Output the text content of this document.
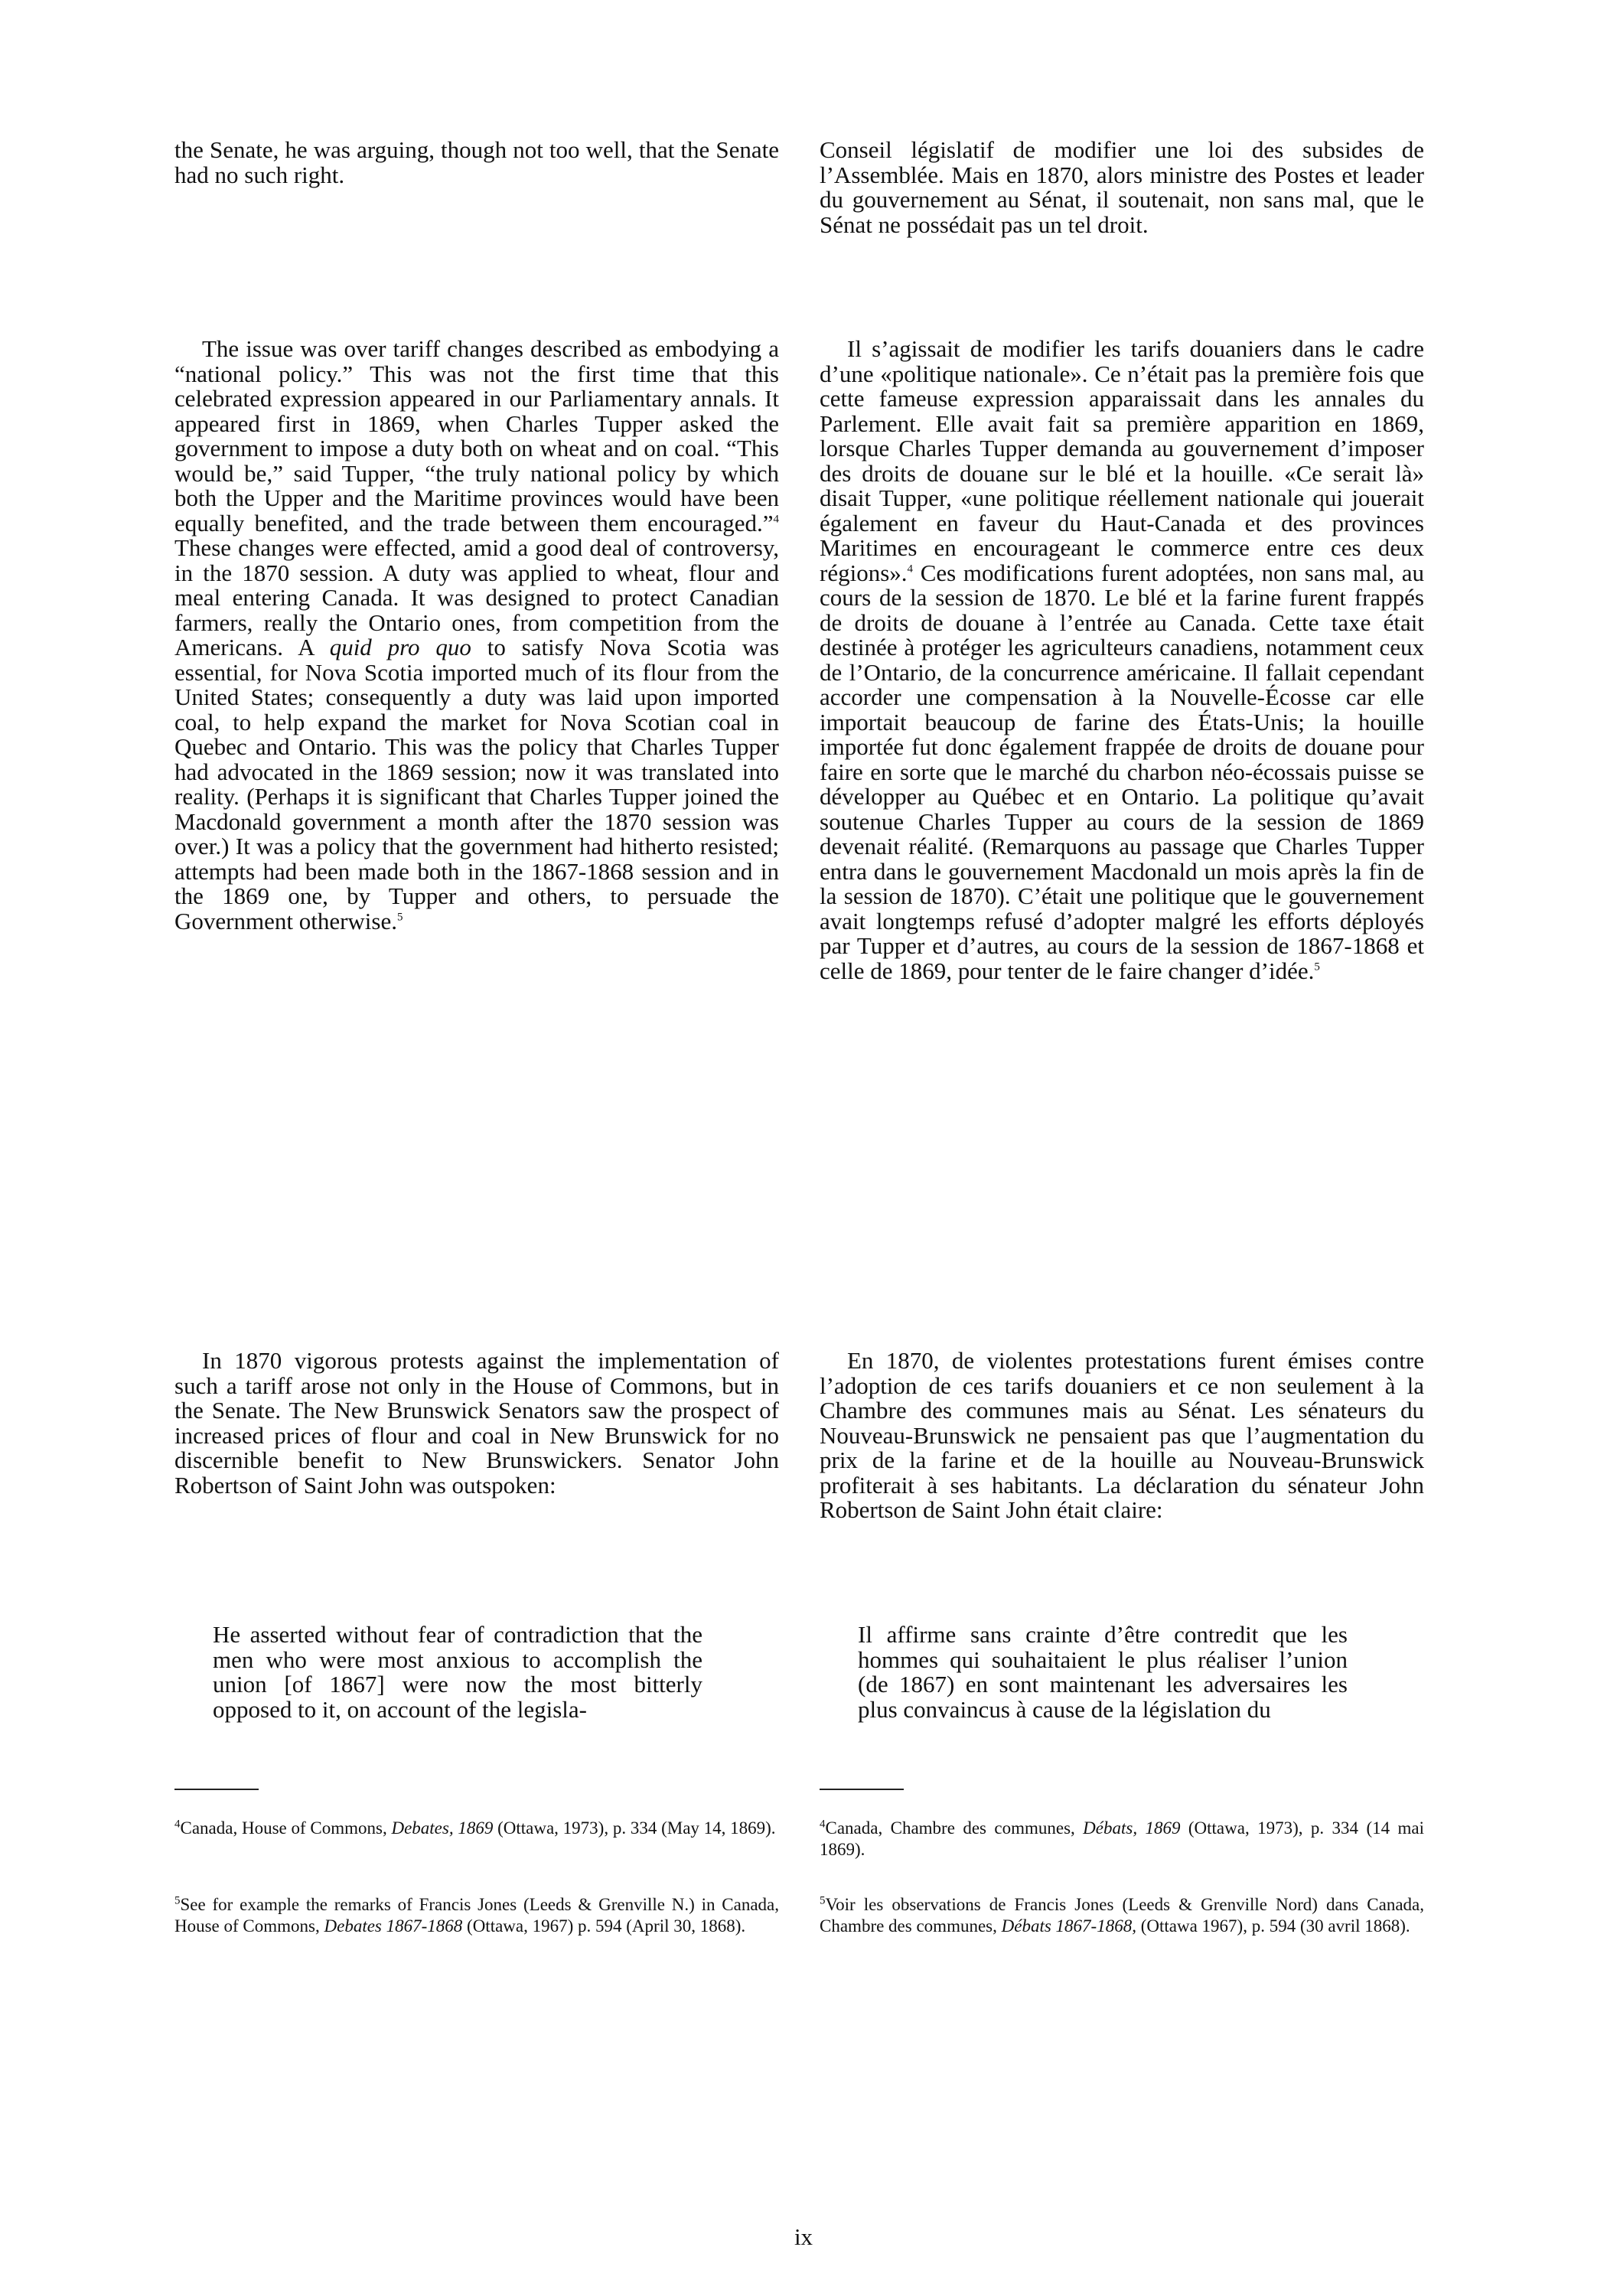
the Senate, he was arguing, though not too well, that the Senate had no such right.

The issue was over tariff changes described as embodying a “national policy.” This was not the first time that this celebrated expression appeared in our Parliamentary annals. It appeared first in 1869, when Charles Tupper asked the government to impose a duty both on wheat and on coal. “This would be,” said Tupper, “the truly national policy by which both the Upper and the Maritime provinces would have been equally benefited, and the trade between them encouraged.”$^4$ These changes were effected, amid a good deal of controversy, in the 1870 session. A duty was applied to wheat, flour and meal entering Canada. It was designed to protect Canadian farmers, really the Ontario ones, from competition from the Americans. A quid pro quo to satisfy Nova Scotia was essential, for Nova Scotia imported much of its flour from the United States; consequently a duty was laid upon imported coal, to help expand the market for Nova Scotian coal in Quebec and Ontario. This was the policy that Charles Tupper had advocated in the 1869 session; now it was translated into reality. (Perhaps it is significant that Charles Tupper joined the Macdonald government a month after the 1870 session was over.) It was a policy that the government had hitherto resisted; attempts had been made both in the 1867-1868 session and in the 1869 one, by Tupper and others, to persuade the Government otherwise.$^5$

In 1870 vigorous protests against the implementation of such a tariff arose not only in the House of Commons, but in the Senate. The New Brunswick Senators saw the prospect of increased prices of flour and coal in New Brunswick for no discernible benefit to New Brunswickers. Senator John Robertson of Saint John was outspoken:

He asserted without fear of contradiction that the men who were most anxious to accomplish the union [of 1867] were now the most bitterly opposed to it, on account of the legisla-

$^4$Canada, House of Commons, Debates, 1869 (Ottawa, 1973), p. 334 (May 14, 1869).
$^5$See for example the remarks of Francis Jones (Leeds & Grenville N.) in Canada, House of Commons, Debates 1867-1868 (Ottawa, 1967) p. 594 (April 30, 1868).

Conseil législatif de modifier une loi des subsides de l’Assemblée. Mais en 1870, alors ministre des Postes et leader du gouvernement au Sénat, il soutenait, non sans mal, que le Sénat ne possédait pas un tel droit.

Il s’agissait de modifier les tarifs douaniers dans le cadre d’une «politique nationale». Ce n’était pas la première fois que cette fameuse expression apparaissait dans les annales du Parlement. Elle avait fait sa première apparition en 1869, lorsque Charles Tupper demanda au gouvernement d’imposer des droits de douane sur le blé et la houille. «Ce serait là» disait Tupper, «une politique réellement nationale qui jouerait également en faveur du Haut-Canada et des provinces Maritimes en encourageant le commerce entre ces deux régions».$^4$ Ces modifications furent adoptées, non sans mal, au cours de la session de 1870. Le blé et la farine furent frappés de droits de douane à l’entrée au Canada. Cette taxe était destinée à protéger les agriculteurs canadiens, notamment ceux de l’Ontario, de la concurrence américaine. Il fallait cependant accorder une compensation à la Nouvelle-Écosse car elle importait beaucoup de farine des États-Unis; la houille importée fut donc également frappée de droits de douane pour faire en sorte que le marché du charbon néo-écossais puisse se développer au Québec et en Ontario. La politique qu’avait soutenue Charles Tupper au cours de la session de 1869 devenait réalité. (Remarquons au passage que Charles Tupper entra dans le gouvernement Macdonald un mois après la fin de la session de 1870). C’était une politique que le gouvernement avait longtemps refusé d’adopter malgré les efforts déployés par Tupper et d’autres, au cours de la session de 1867-1868 et celle de 1869, pour tenter de le faire changer d’idée.$^5$

En 1870, de violentes protestations furent émises contre l’adoption de ces tarifs douaniers et ce non seulement à la Chambre des communes mais au Sénat. Les sénateurs du Nouveau-Brunswick ne pensaient pas que l’augmentation du prix de la farine et de la houille au Nouveau-Brunswick profiterait à ses habitants. La déclaration du sénateur John Robertson de Saint John était claire:

Il affirme sans crainte d’être contredit que les hommes qui souhaitaient le plus réaliser l’union (de 1867) en sont maintenant les adversaires les plus convaincus à cause de la législation du

$^4$Canada, Chambre des communes, Débats, 1869 (Ottawa, 1973), p. 334 (14 mai 1869).
$^5$Voir les observations de Francis Jones (Leeds & Grenville Nord) dans Canada, Chambre des communes, Débats 1867-1868, (Ottawa 1967), p. 594 (30 avril 1868).
ix
